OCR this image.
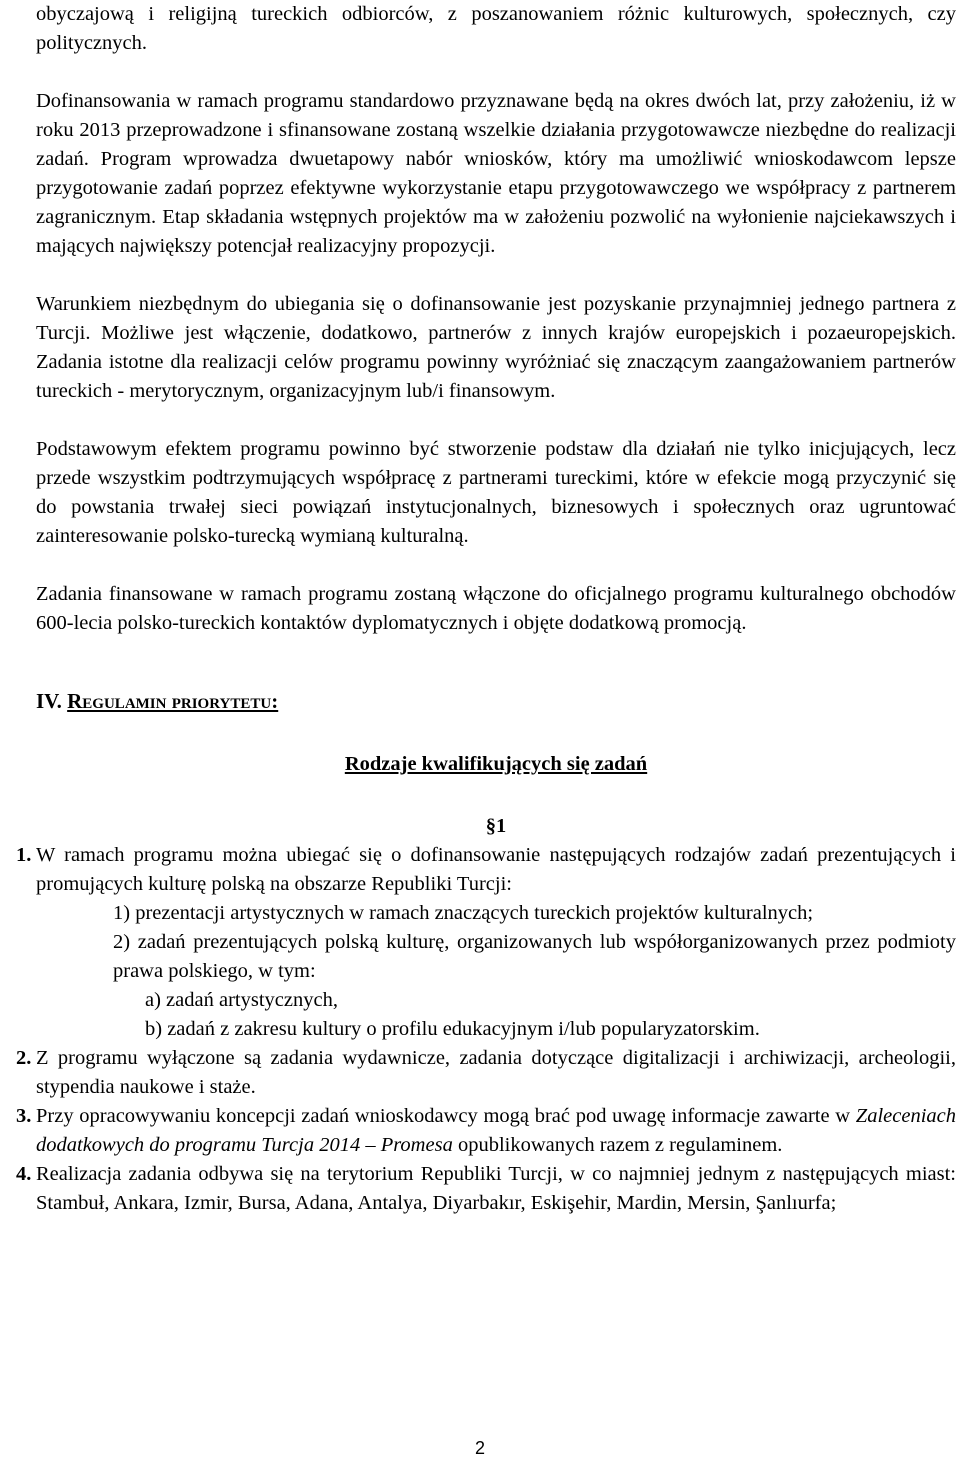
obyczajową i religijną tureckich odbiorców, z poszanowaniem różnic kulturowych, społecznych, czy politycznych.

Dofinansowania w ramach programu standardowo przyznawane będą na okres dwóch lat, przy założeniu, iż w roku 2013 przeprowadzone i sfinansowane zostaną wszelkie działania przygotowawcze niezbędne do realizacji zadań. Program wprowadza dwuetapowy nabór wniosków, który ma umożliwić wnioskodawcom lepsze przygotowanie zadań poprzez efektywne wykorzystanie etapu przygotowawczego we współpracy z partnerem zagranicznym. Etap składania wstępnych projektów ma w założeniu pozwolić na wyłonienie najciekawszych i mających największy potencjał realizacyjny propozycji.

Warunkiem niezbędnym do ubiegania się o dofinansowanie jest pozyskanie przynajmniej jednego partnera z Turcji. Możliwe jest włączenie, dodatkowo, partnerów z innych krajów europejskich i pozaeuropejskich. Zadania istotne dla realizacji celów programu powinny wyróżniać się znaczącym zaangażowaniem partnerów tureckich - merytorycznym, organizacyjnym lub/i finansowym.

Podstawowym efektem programu powinno być stworzenie podstaw dla działań nie tylko inicjujących, lecz przede wszystkim podtrzymujących współpracę z partnerami tureckimi, które w efekcie mogą przyczynić się do powstania trwałej sieci powiązań instytucjonalnych, biznesowych i społecznych oraz ugruntować zainteresowanie polsko-turecką wymianą kulturalną.

Zadania finansowane w ramach programu zostaną włączone do oficjalnego programu kulturalnego obchodów 600-lecia polsko-tureckich kontaktów dyplomatycznych i objęte dodatkową promocją.

IV. Regulamin priorytetu:

Rodzaje kwalifikujących się zadań

§1

1. W ramach programu można ubiegać się o dofinansowanie następujących rodzajów zadań prezentujących i promujących kulturę polską na obszarze Republiki Turcji:

1) prezentacji artystycznych w ramach znaczących tureckich projektów kulturalnych;

2) zadań prezentujących polską kulturę, organizowanych lub współorganizowanych przez podmioty prawa polskiego, w tym:

a) zadań artystycznych,

b) zadań z zakresu kultury o profilu edukacyjnym i/lub popularyzatorskim.

2. Z programu wyłączone są zadania wydawnicze, zadania dotyczące digitalizacji i archiwizacji, archeologii, stypendia naukowe i staże.

3. Przy opracowywaniu koncepcji zadań wnioskodawcy mogą brać pod uwagę informacje zawarte w Zaleceniach dodatkowych do programu Turcja 2014 – Promesa opublikowanych razem z regulaminem.

4. Realizacja zadania odbywa się na terytorium Republiki Turcji, w co najmniej jednym z następujących miast: Stambuł, Ankara, Izmir, Bursa, Adana, Antalya, Diyarbakır, Eskişehir, Mardin, Mersin, Şanlıurfa;

2
